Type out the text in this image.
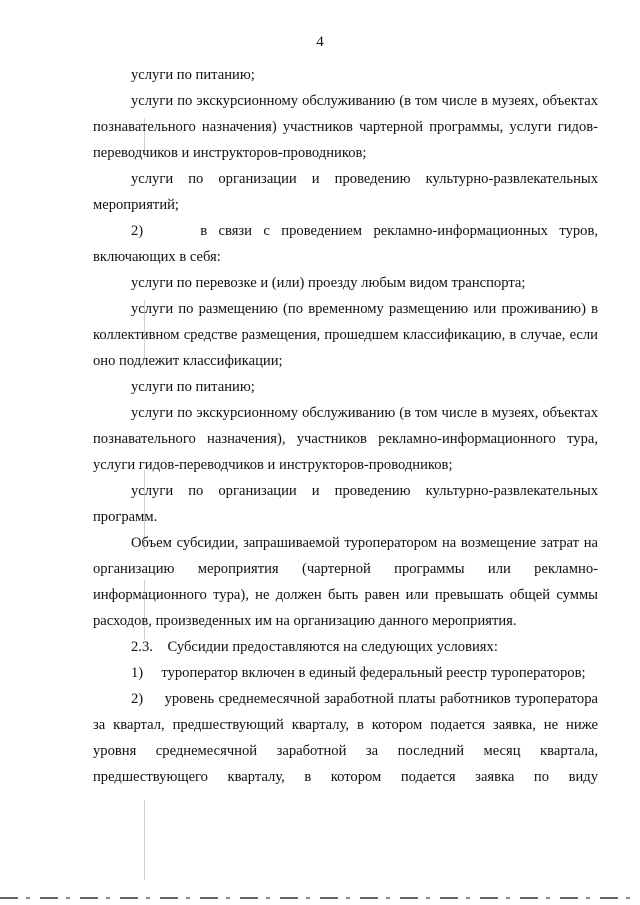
4

услуги по питанию;

услуги по экскурсионному обслуживанию (в том числе в музеях, объектах познавательного назначения) участников чартерной программы, услуги гидов-переводчиков и инструкторов-проводников;

услуги по организации и проведению культурно-развлекательных мероприятий;

2)     в связи с проведением рекламно-информационных туров, включающих в себя:

услуги по перевозке и (или) проезду любым видом транспорта;

услуги по размещению (по временному размещению или проживанию) в коллективном средстве размещения, прошедшем классификацию, в случае, если оно подлежит классификации;

услуги по питанию;

услуги по экскурсионному обслуживанию (в том числе в музеях, объектах познавательного назначения), участников рекламно-информационного тура, услуги гидов-переводчиков и инструкторов-проводников;

услуги по организации и проведению культурно-развлекательных программ.

Объем субсидии, запрашиваемой туроператором на возмещение затрат на организацию мероприятия (чартерной программы или рекламно-информационного тура), не должен быть равен или превышать общей суммы расходов, произведенных им на организацию данного мероприятия.

2.3.    Субсидии предоставляются на следующих условиях:

1)     туроператор включен в единый федеральный реестр туроператоров;

2)     уровень среднемесячной заработной платы работников туроператора за квартал, предшествующий кварталу, в котором подается заявка, не ниже уровня среднемесячной заработной за последний месяц квартала, предшествующего кварталу, в котором подается заявка по виду
